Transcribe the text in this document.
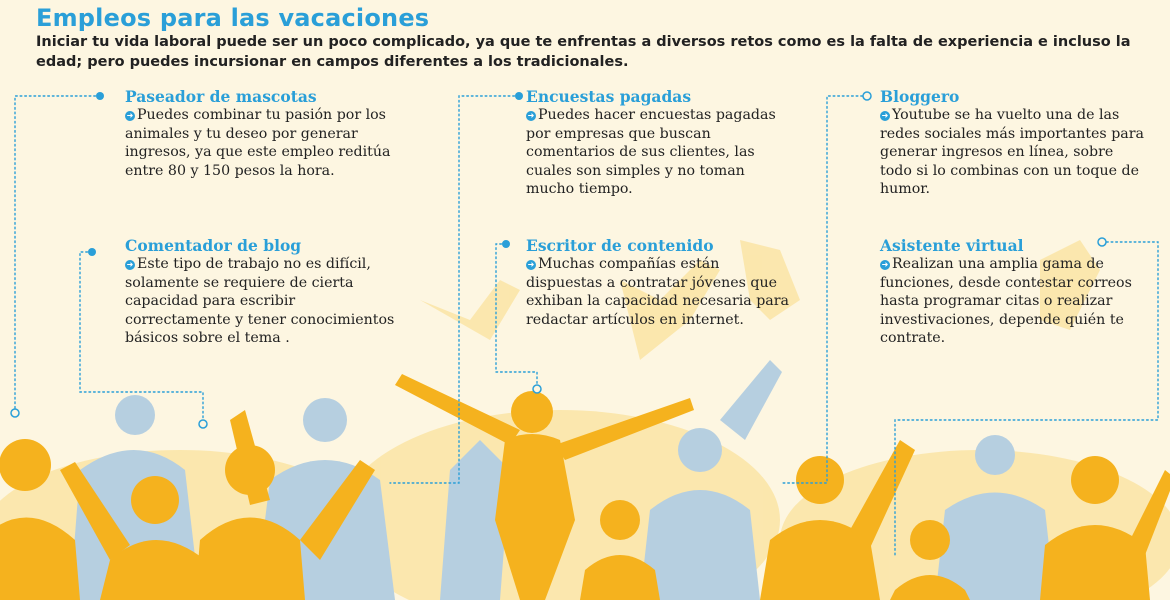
Empleos para las vacaciones

Iniciar tu vida laboral puede ser un poco complicado, ya que te enfrentas a diversos retos como es la falta de experiencia e incluso la edad; pero puedes incursionar en campos diferentes a los tradicionales.

Paseador de mascotas

➜ Puedes combinar tu pasión por los animales y tu deseo por generar ingresos, ya que este empleo reditúa entre 80 y 150 pesos la hora.

Encuestas pagadas

➜ Puedes hacer encuestas pagadas por empresas que buscan comentarios de sus clientes, las cuales son simples y no toman mucho tiempo.

Bloggero

➜ Youtube se ha vuelto una de las redes sociales más importantes para generar ingresos en línea, sobre todo si lo combinas con un toque de humor.

Comentador de blog

➜ Este tipo de trabajo no es difícil, solamente se requiere de cierta capacidad para escribir correctamente y tener conocimientos básicos sobre el tema .

Escritor de contenido

➜ Muchas compañías están dispuestas a contratar jóvenes que exhiban la capacidad necesaria para redactar artículos en internet.

Asistente virtual

➜ Realizan una amplia gama de funciones, desde contestar correos hasta programar citas o realizar investivaciones, depende quién te contrate.
